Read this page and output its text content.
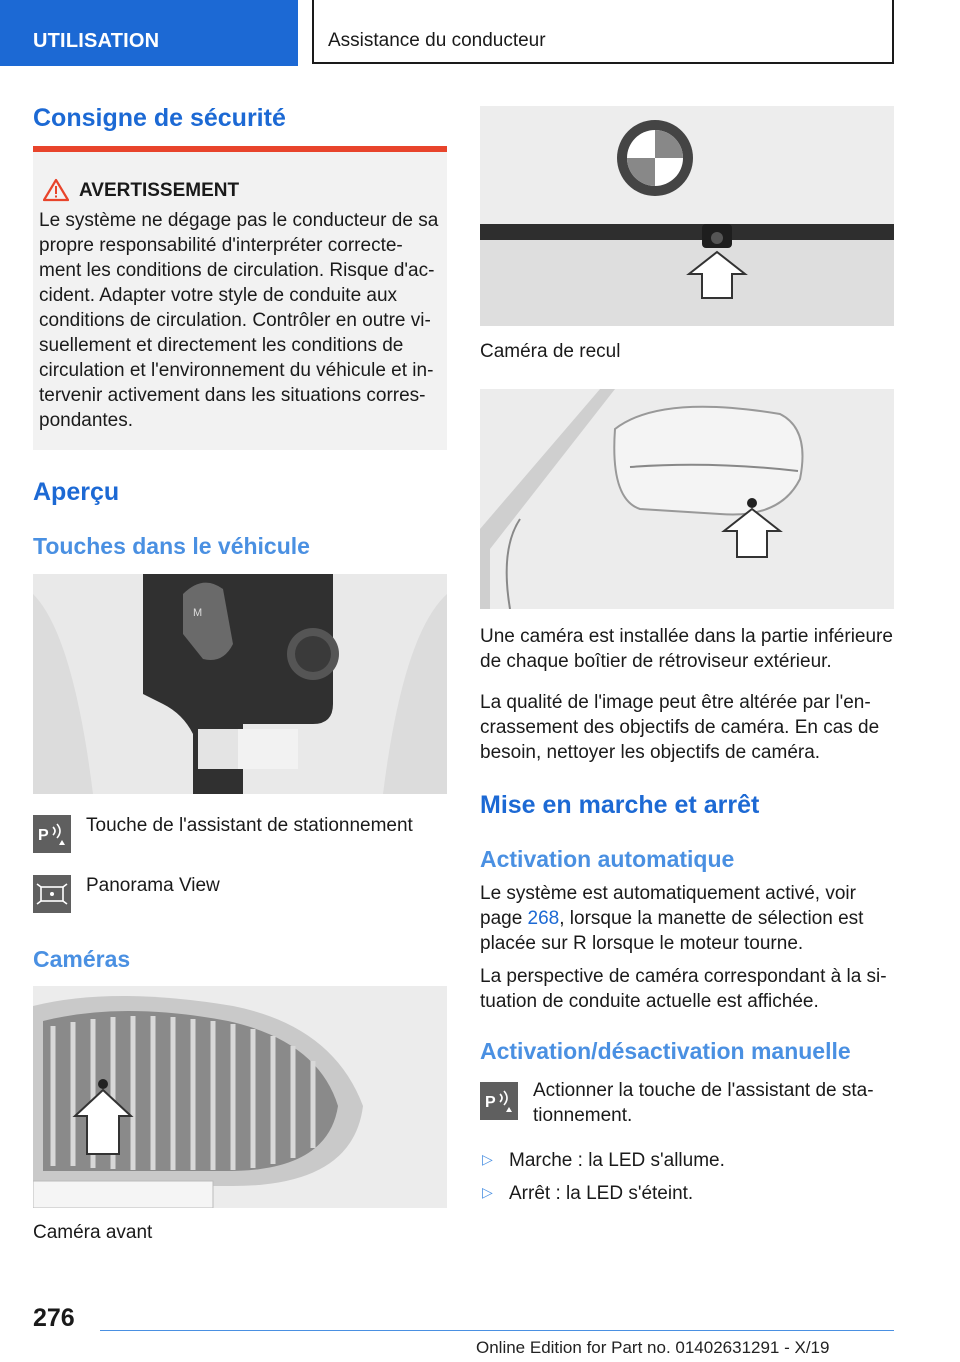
UTILISATION	Assistance du conducteur
Consigne de sécurité
AVERTISSEMENT
Le système ne dégage pas le conducteur de sa
propre responsabilité d'interpréter correcte-
ment les conditions de circulation. Risque d'ac-
cident. Adapter votre style de conduite aux
conditions de circulation. Contrôler en outre vi-
suellement et directement les conditions de
circulation et l'environnement du véhicule et in-
tervenir activement dans les situations corres-
pondantes.
Aperçu
Touches dans le véhicule
M
P Touche de l'assistant de stationnement
Panorama View
Caméras
Caméra avant
Caméra de recul
Une caméra est installée dans la partie inférieure
de chaque boîtier de rétroviseur extérieur.
La qualité de l'image peut être altérée par l'en-
crassement des objectifs de caméra. En cas de
besoin, nettoyer les objectifs de caméra.
Mise en marche et arrêt
Activation automatique
Le système est automatiquement activé, voir
page 268, lorsque la manette de sélection est
placée sur R lorsque le moteur tourne.
La perspective de caméra correspondant à la si-
tuation de conduite actuelle est affichée.
Activation/désactivation manuelle
P
Actionner la touche de l'assistant de sta-
tionnement.
▷ Marche : la LED s'allume.
▷ Arrêt : la LED s'éteint.
276
Online Edition for Part no. 01402631291 - X/19
